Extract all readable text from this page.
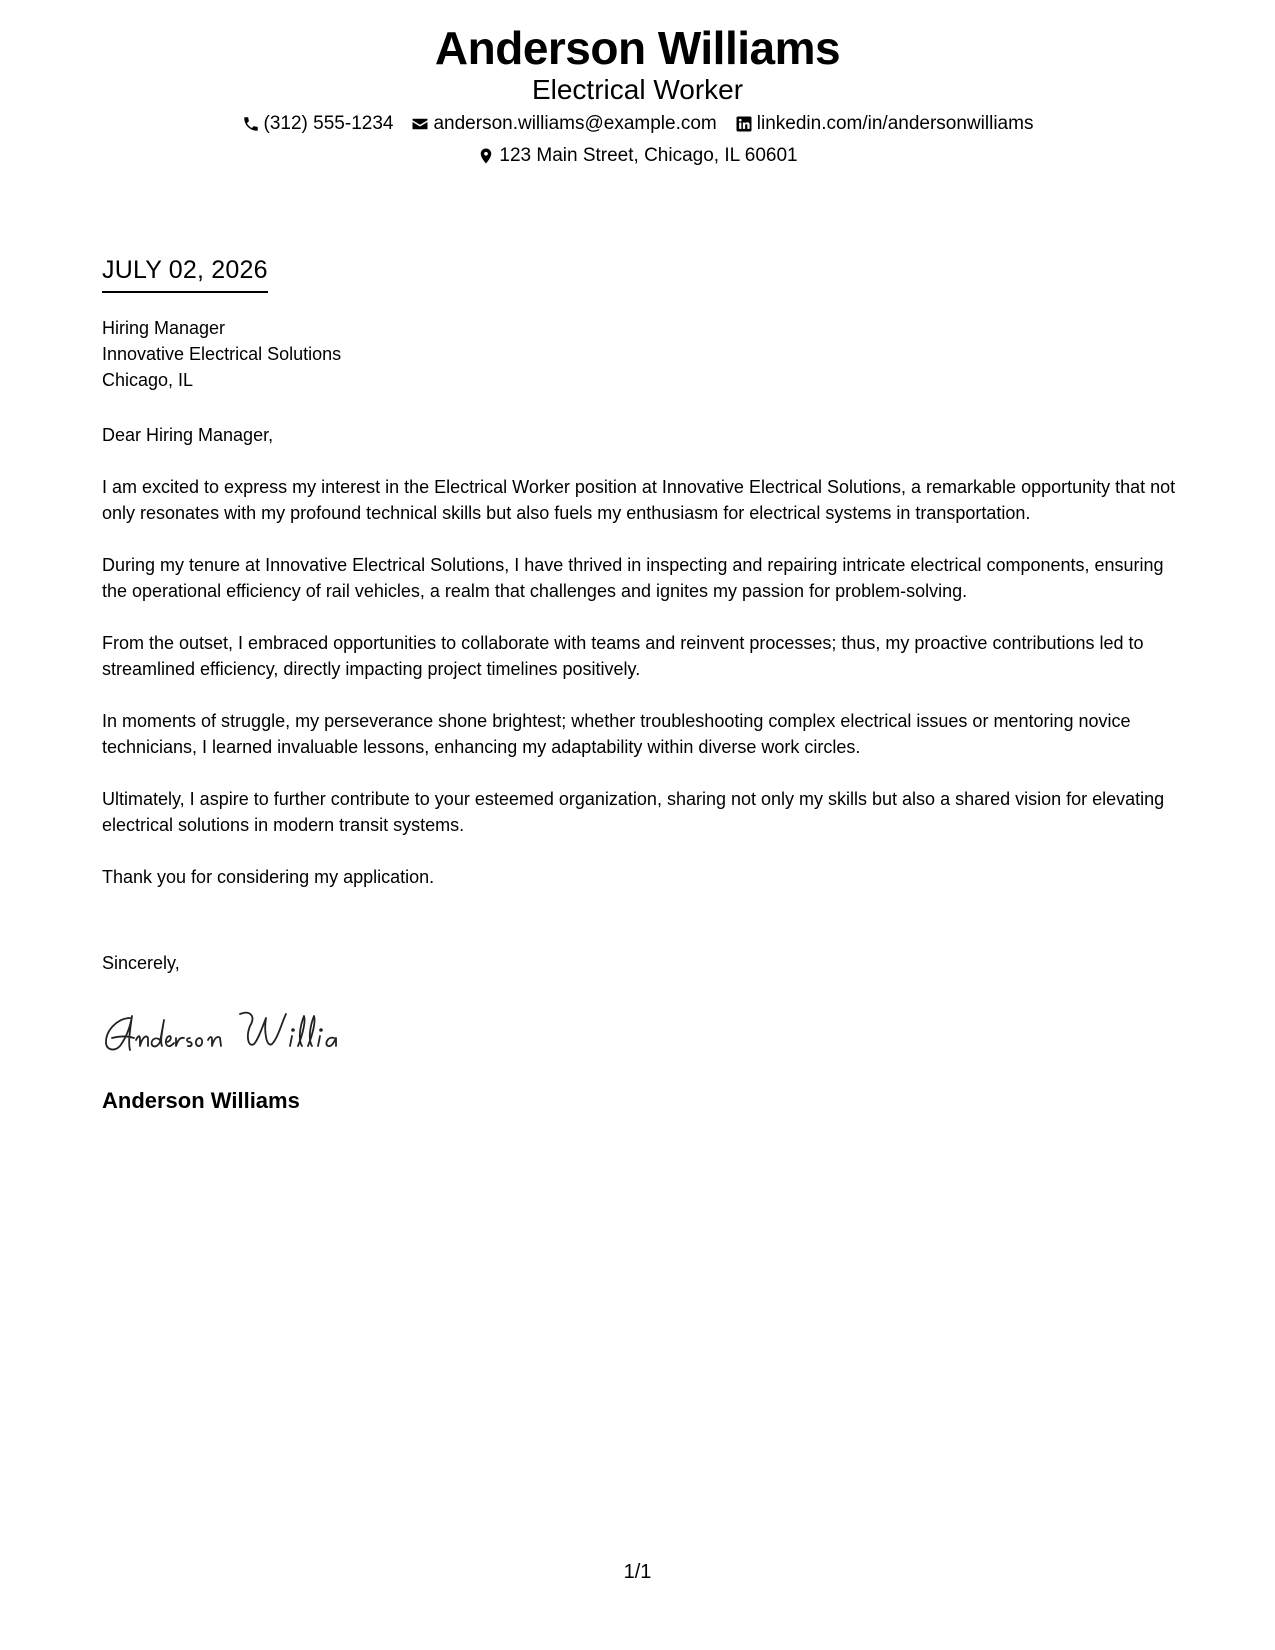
Anderson Williams
Electrical Worker
(312) 555-1234 anderson.williams@example.com linkedin.com/in/andersonwilliams
123 Main Street, Chicago, IL 60601
JULY 02, 2026
Hiring Manager
Innovative Electrical Solutions
Chicago, IL
Dear Hiring Manager,

I am excited to express my interest in the Electrical Worker position at Innovative Electrical Solutions, a remarkable opportunity that not only resonates with my profound technical skills but also fuels my enthusiasm for electrical systems in transportation.

During my tenure at Innovative Electrical Solutions, I have thrived in inspecting and repairing intricate electrical components, ensuring the operational efficiency of rail vehicles, a realm that challenges and ignites my passion for problem-solving.

From the outset, I embraced opportunities to collaborate with teams and reinvent processes; thus, my proactive contributions led to streamlined efficiency, directly impacting project timelines positively.

In moments of struggle, my perseverance shone brightest; whether troubleshooting complex electrical issues or mentoring novice technicians, I learned invaluable lessons, enhancing my adaptability within diverse work circles.

Ultimately, I aspire to further contribute to your esteemed organization, sharing not only my skills but also a shared vision for elevating electrical solutions in modern transit systems.

Thank you for considering my application.

Sincerely,
Anderson Williams
1/1
